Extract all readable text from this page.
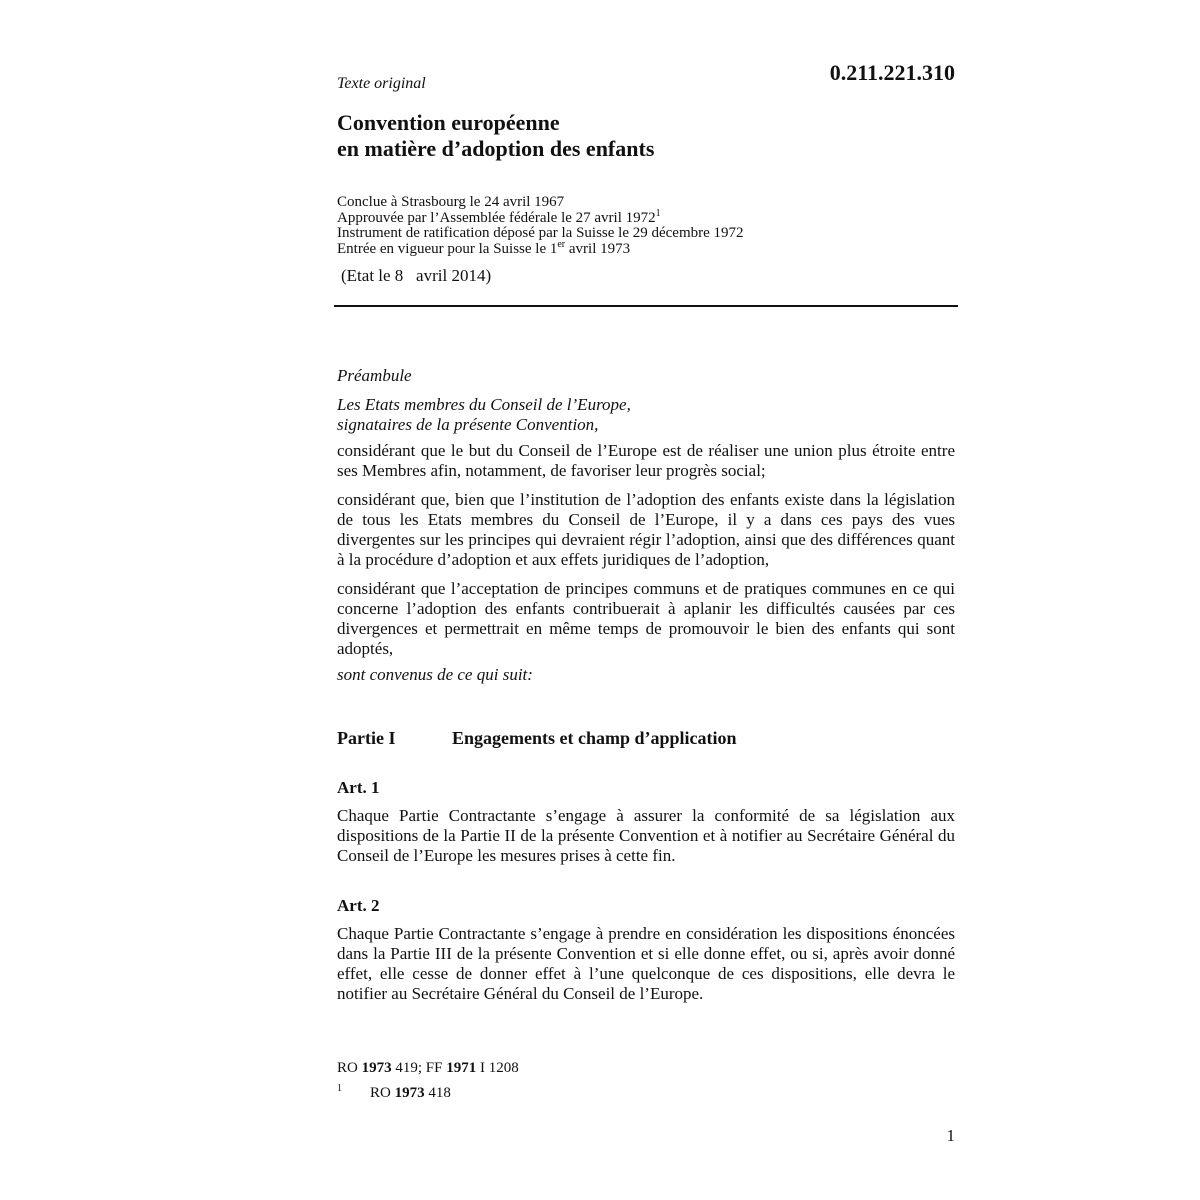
0.211.221.310
Texte original
Convention européenne
en matière d’adoption des enfants
Conclue à Strasbourg le 24 avril 1967
Approuvée par l’Assemblée fédérale le 27 avril 1972$^1$
Instrument de ratification déposé par la Suisse le 29 décembre 1972
Entrée en vigueur pour la Suisse le 1er avril 1973
(Etat le 8   avril 2014)
Préambule
Les Etats membres du Conseil de l’Europe,
signataires de la présente Convention,
considérant que le but du Conseil de l’Europe est de réaliser une union plus étroite entre ses Membres afin, notamment, de favoriser leur progrès social;
considérant que, bien que l’institution de l’adoption des enfants existe dans la législation de tous les Etats membres du Conseil de l’Europe, il y a dans ces pays des vues divergentes sur les principes qui devraient régir l’adoption, ainsi que des différences quant à la procédure d’adoption et aux effets juridiques de l’adoption,
considérant que l’acceptation de principes communs et de pratiques communes en ce qui concerne l’adoption des enfants contribuerait à aplanir les difficultés causées par ces divergences et permettrait en même temps de promouvoir le bien des enfants qui sont adoptés,
sont convenus de ce qui suit:
Partie I	Engagements et champ d’application
Art. 1
Chaque Partie Contractante s’engage à assurer la conformité de sa législation aux dispositions de la Partie II de la présente Convention et à notifier au Secrétaire Général du Conseil de l’Europe les mesures prises à cette fin.
Art. 2
Chaque Partie Contractante s’engage à prendre en considération les dispositions énoncées dans la Partie III de la présente Convention et si elle donne effet, ou si, après avoir donné effet, elle cesse de donner effet à l’une quelconque de ces dispositions, elle devra le notifier au Secrétaire Général du Conseil de l’Europe.
RO 1973 419; FF 1971 I 1208
$^1$ RO 1973 418
1
